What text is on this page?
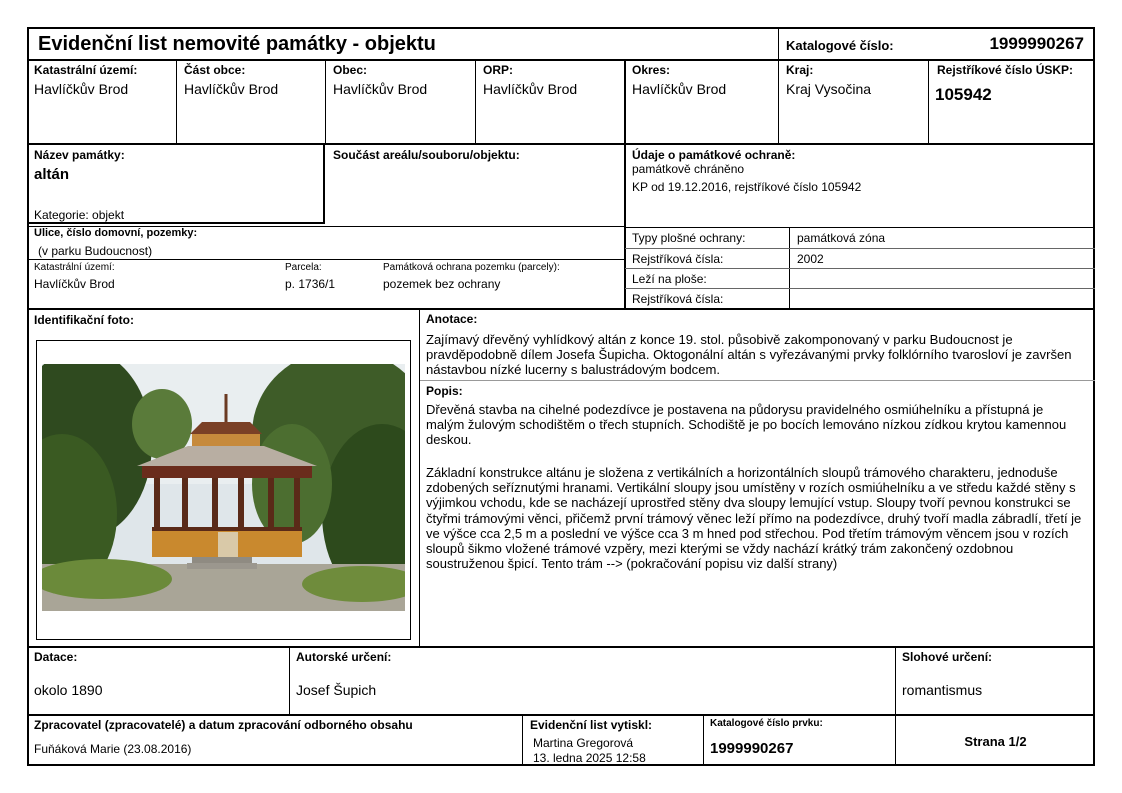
Evidenční list nemovité památky - objektu	Katalogové číslo:	1999990267
Katastrální území:
Havlíčkův Brod
Část obce:
Havlíčkův Brod
Obec:
Havlíčkův Brod
ORP:
Havlíčkův Brod
Okres:
Havlíčkův Brod
Kraj:
Kraj Vysočina
Rejstříkové číslo ÚSKP:
105942
Název památky:
altán
Kategorie: objekt
Součást areálu/souboru/objektu:	Údaje o památkové ochraně:
památkově chráněno
KP od 19.12.2016, rejstříkové číslo 105942
Ulice, číslo domovní, pozemky:
(v parku Budoucnost)
Katastrální území:
Havlíčkův Brod
Parcela:
p. 1736/1
Památková ochrana pozemku (parcely):
pozemek bez ochrany
Typy plošné ochrany:	památková zóna
Rejstříková čísla:	2002
Leží na ploše:
Rejstříková čísla:
Identifikační foto:	Anotace:
Zajímavý dřevěný vyhlídkový altán z konce 19. stol. působivě zakomponovaný v parku Budoucnost je pravděpodobně dílem Josefa Šupicha. Oktogonální altán s vyřezávanými prvky folklórního tvarosloví je završen nástavbou nízké lucerny s balustrádovým bodcem.
Popis:
Dřevěná stavba na cihelné podezdívce je postavena na půdorysu pravidelného osmiúhelníku a přístupná je malým žulovým schodištěm o třech stupních. Schodiště je po bocích lemováno nízkou zídkou krytou kamennou deskou.
Základní konstrukce altánu je složena z vertikálních a horizontálních sloupů trámového charakteru, jednoduše zdobených seříznutými hranami. Vertikální sloupy jsou umístěny v rozích osmiúhelníku a ve středu každé stěny s výjimkou vchodu, kde se nacházejí uprostřed stěny dva sloupy lemující vstup. Sloupy tvoří pevnou konstrukci se čtyřmi trámovými věnci, přičemž první trámový věnec leží přímo na podezdívce, druhý tvoří madla zábradlí, třetí je ve výšce cca 2,5 m a poslední ve výšce cca 3 m hned pod střechou. Pod třetím trámovým věncem jsou v rozích sloupů šikmo vložené trámové vzpěry, mezi kterými se vždy nachází krátký trám zakončený ozdobnou soustruženou špicí. Tento trám --> (pokračování popisu viz další strany)
Datace:
okolo 1890
Autorské určení:
Josef Šupich
Slohové určení:
romantismus
Zpracovatel (zpracovatelé) a datum zpracování odborného obsahu
Fuňáková Marie (23.08.2016)
Evidenční list vytiskl:
Martina Gregorová
13. ledna 2025 12:58
Katalogové číslo prvku:
1999990267	Strana 1/2
